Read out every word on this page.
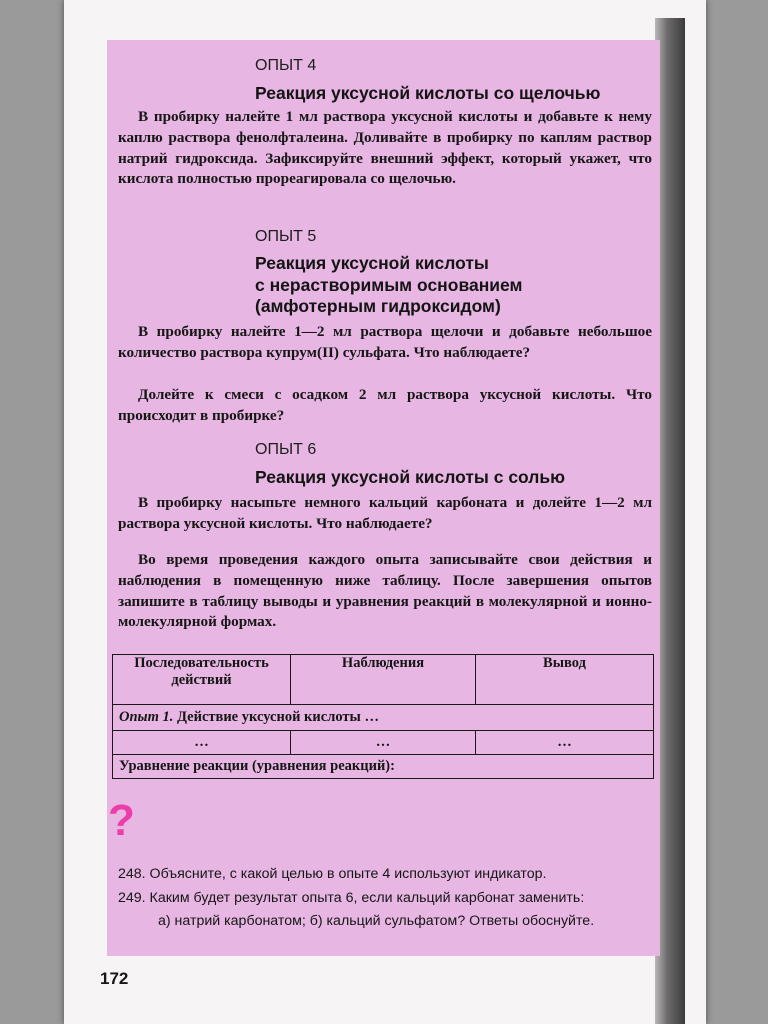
ОПЫТ 4
Реакция уксусной кислоты со щелочью
В пробирку налейте 1 мл раствора уксусной кислоты и добавьте к нему каплю раствора фенолфталеина. Доливайте в пробирку по каплям раствор натрий гидроксида. Зафиксируйте внешний эффект, который укажет, что кислота полностью прореагировала со щелочью.
ОПЫТ 5
Реакция уксусной кислоты
с нерастворимым основанием
(амфотерным гидроксидом)
В пробирку налейте 1—2 мл раствора щелочи и добавьте небольшое количество раствора купрум(II) сульфата. Что наблюдаете?
Долейте к смеси с осадком 2 мл раствора уксусной кислоты. Что происходит в пробирке?
ОПЫТ 6
Реакция уксусной кислоты с солью
В пробирку насыпьте немного кальций карбоната и долейте 1—2 мл раствора уксусной кислоты. Что наблюдаете?
Во время проведения каждого опыта записывайте свои действия и наблюдения в помещенную ниже таблицу. После завершения опытов запишите в таблицу выводы и уравнения реакций в молекулярной и ионно-молекулярной формах.
Последовательность действий	Наблюдения	Вывод
Опыт 1. Действие уксусной кислоты …		
…	…	…
Уравнение реакции (уравнения реакций):		
?
248. Объясните, с какой целью в опыте 4 используют индикатор.
249. Каким будет результат опыта 6, если кальций карбонат заменить:
а) натрий карбонатом; б) кальций сульфатом? Ответы обоснуйте.
172
